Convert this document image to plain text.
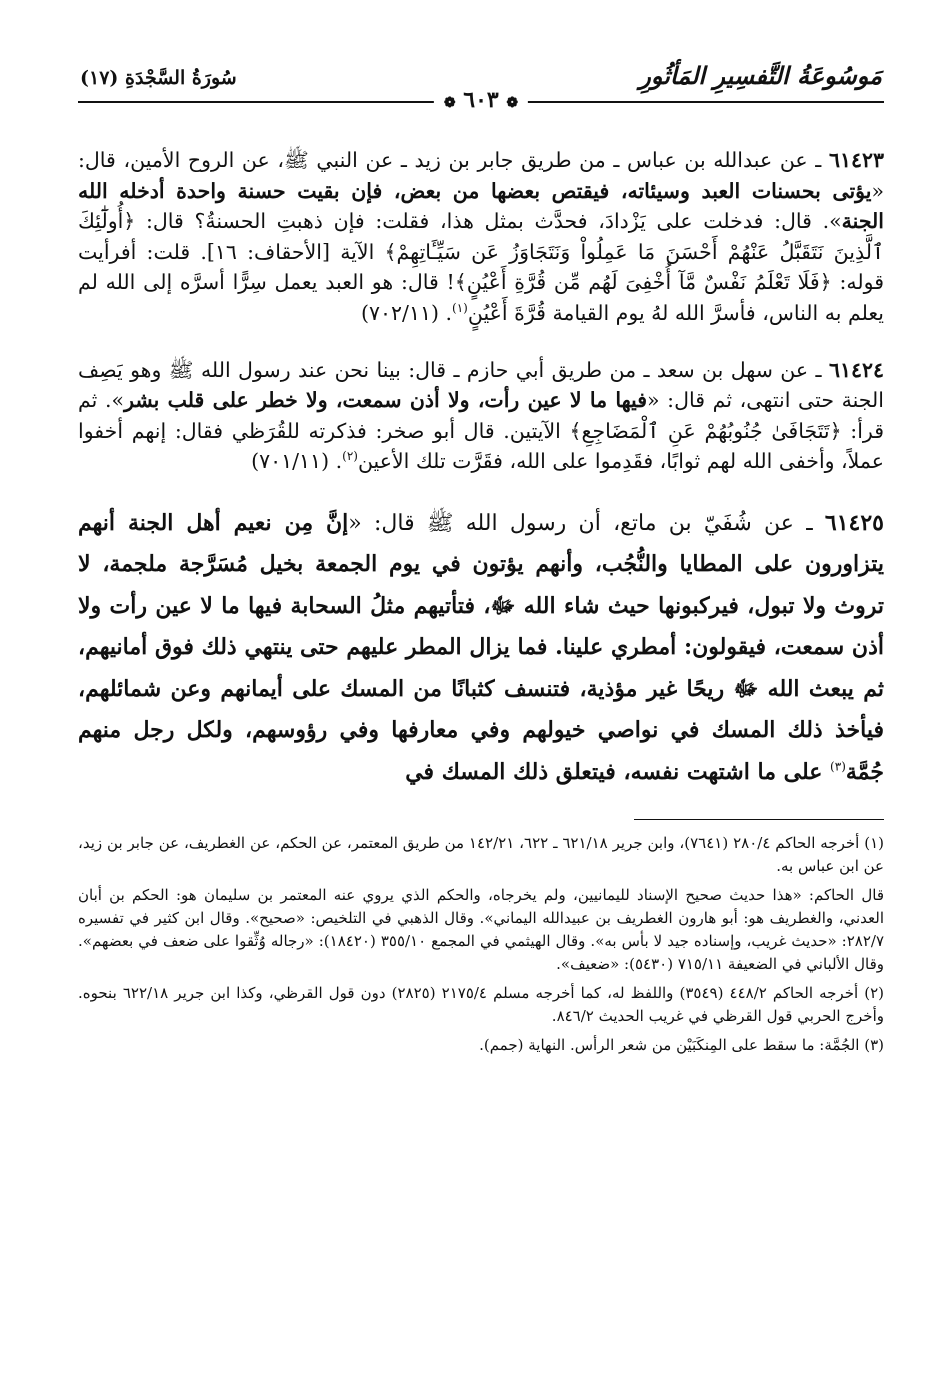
مَوسُوعَةُ التَّفسِيرِ المَأثُورِ
سُورَةُ السَّجْدَةِ (١٧)
❁ ٦٠٣ ❁

٦١٤٢٣ ـ عن عبدالله بن عباس ـ من طريق جابر بن زيد ـ عن النبي ﷺ، عن الروح الأمين، قال: «يؤتى بحسنات العبد وسيئاته، فيقتص بعضها من بعض، فإن بقيت حسنة واحدة أدخله الله الجنة». قال: فدخلت على يَزْدادَ، فحدَّث بمثل هذا، فقلت: فإن ذهبتِ الحسنةُ؟ قال: ﴿أُولَٰٓئِكَ ٱلَّذِينَ نَتَقَبَّلُ عَنْهُمْ أَحْسَنَ مَا عَمِلُواْ وَنَتَجَاوَزُ عَن سَيِّـَٔاتِهِمْ﴾ الآية [الأحقاف: ١٦]. قلت: أفرأيت قوله: ﴿فَلَا تَعْلَمُ نَفْسٌ مَّآ أُخْفِىَ لَهُم مِّن قُرَّةِ أَعْيُنٍ﴾! قال: هو العبد يعمل سِرًّا أسرَّه إلى الله لم يعلم به الناس، فأسرَّ الله لهُ يوم القيامة قُرَّةَ أَعْيُنٍ$^{(١)}$. (٧٠٢/١١)

٦١٤٢٤ ـ عن سهل بن سعد ـ من طريق أبي حازم ـ قال: بينا نحن عند رسول الله ﷺ وهو يَصِف الجنة حتى انتهى، ثم قال: «فيها ما لا عين رأت، ولا أذن سمعت، ولا خطر على قلب بشر». ثم قرأ: ﴿تَتَجَافَىٰ جُنُوبُهُمْ عَنِ ٱلْمَضَاجِعِ﴾ الآيتين. قال أبو صخر: فذكرته للقُرَظي فقال: إنهم أخفوا عملاً، وأخفى الله لهم ثوابًا، فقَدِموا على الله، فقَرَّت تلك الأعين$^{(٢)}$. (٧٠١/١١)

٦١٤٢٥ ـ عن شُفَيّ بن ماتع، أن رسول الله ﷺ قال: «إنَّ مِن نعيم أهل الجنة أنهم يتزاورون على المطايا والنُّجُب، وأنهم يؤتون في يوم الجمعة بخيل مُسَرَّجة ملجمة، لا تروث ولا تبول، فيركبونها حيث شاء الله ﷻ، فتأتيهم مثلُ السحابة فيها ما لا عين رأت ولا أذن سمعت، فيقولون: أمطري علينا. فما يزال المطر عليهم حتى ينتهي ذلك فوق أمانيهم، ثم يبعث الله ﷻ ريحًا غير مؤذية، فتنسف كثبانًا من المسك على أيمانهم وعن شمائلهم، فيأخذ ذلك المسك في نواصي خيولهم وفي معارفها وفي رؤوسهم، ولكل رجل منهم جُمَّة$^{(٣)}$ على ما اشتهت نفسه، فيتعلق ذلك المسك في

(١) أخرجه الحاكم ٢٨٠/٤ (٧٦٤١)، وابن جرير ٦٢١/١٨ ـ ٦٢٢، ١٤٢/٢١ من طريق المعتمر، عن الحكم، عن الغطريف، عن جابر بن زيد، عن ابن عباس به.

قال الحاكم: «هذا حديث صحيح الإسناد لليمانيين، ولم يخرجاه، والحكم الذي يروي عنه المعتمر بن سليمان هو: الحكم بن أبان العدني، والغطريف هو: أبو هارون الغطريف بن عبيدالله اليماني». وقال الذهبي في التلخيص: «صحيح». وقال ابن كثير في تفسيره ٢٨٢/٧: «حديث غريب، وإسناده جيد لا بأس به». وقال الهيثمي في المجمع ٣٥٥/١٠ (١٨٤٢٠): «رجاله وُثِّقوا على ضعف في بعضهم». وقال الألباني في الضعيفة ٧١٥/١١ (٥٤٣٠): «ضعيف».

(٢) أخرجه الحاكم ٤٤٨/٢ (٣٥٤٩) واللفظ له، كما أخرجه مسلم ٢١٧٥/٤ (٢٨٢٥) دون قول القرظي، وكذا ابن جرير ٦٢٢/١٨ بنحوه. وأخرج الحربي قول القرظي في غريب الحديث ٨٤٦/٢.

(٣) الجُمَّة: ما سقط على المِنكَبَيْن من شعر الرأس. النهاية (جمم).
